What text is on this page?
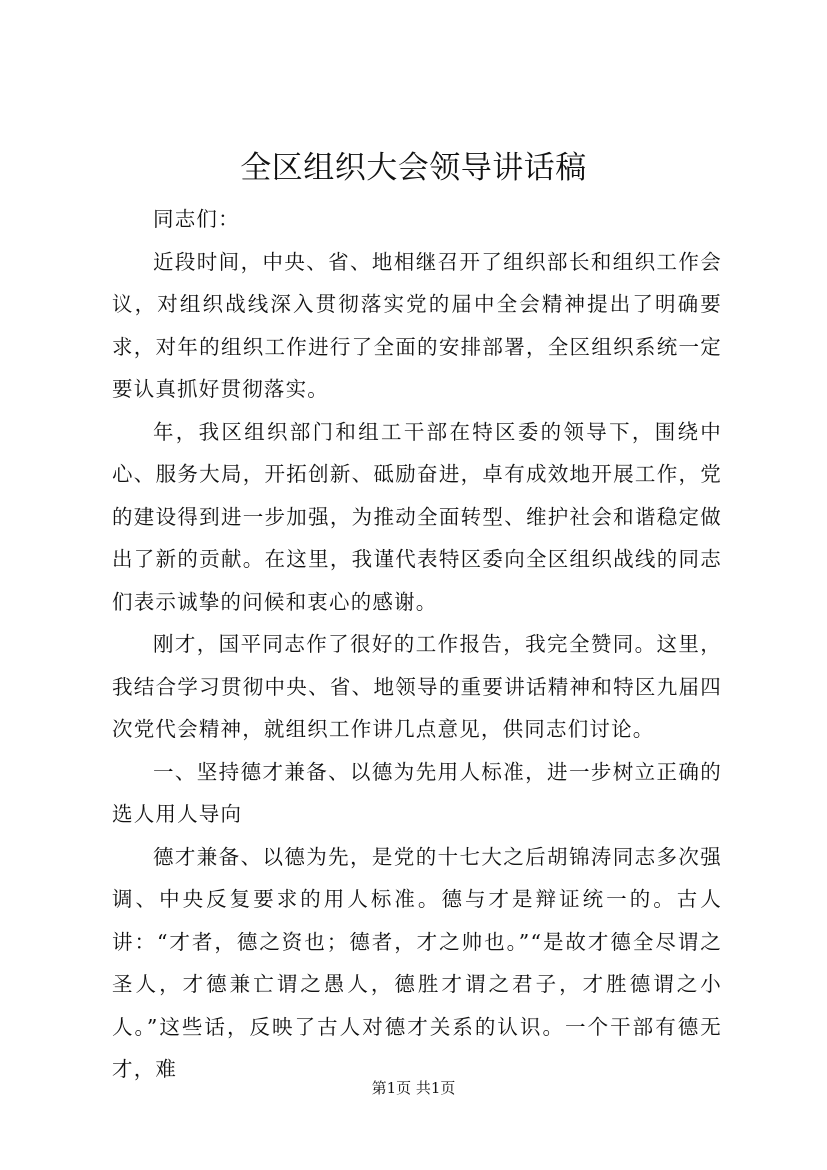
全区组织大会领导讲话稿

同志们：

近段时间，中央、省、地相继召开了组织部长和组织工作会议，对组织战线深入贯彻落实党的届中全会精神提出了明确要求，对年的组织工作进行了全面的安排部署，全区组织系统一定要认真抓好贯彻落实。

年，我区组织部门和组工干部在特区委的领导下，围绕中心、服务大局，开拓创新、砥励奋进，卓有成效地开展工作，党的建设得到进一步加强，为推动全面转型、维护社会和谐稳定做出了新的贡献。在这里，我谨代表特区委向全区组织战线的同志们表示诚挚的问候和衷心的感谢。

刚才，国平同志作了很好的工作报告，我完全赞同。这里，我结合学习贯彻中央、省、地领导的重要讲话精神和特区九届四次党代会精神，就组织工作讲几点意见，供同志们讨论。

一、坚持德才兼备、以德为先用人标准，进一步树立正确的选人用人导向

德才兼备、以德为先，是党的十七大之后胡锦涛同志多次强调、中央反复要求的用人标准。德与才是辩证统一的。古人讲：“才者，德之资也；德者，才之帅也。”“是故才德全尽谓之圣人，才德兼亡谓之愚人，德胜才谓之君子，才胜德谓之小人。”这些话，反映了古人对德才关系的认识。一个干部有德无才，难

第1页 共1页
